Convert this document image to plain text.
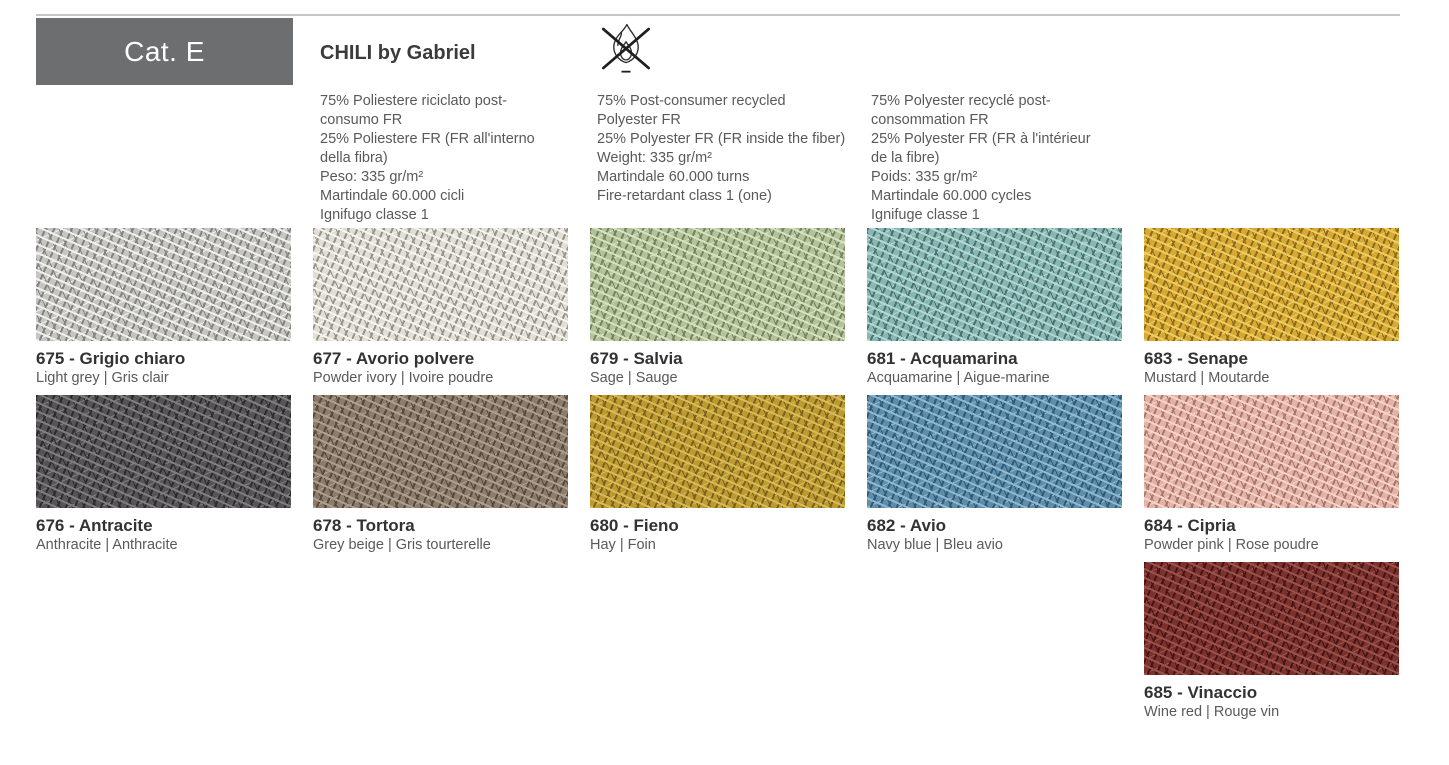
Cat. E	CHILI by Gabriel
75% Poliestere riciclato post-
consumo FR
25% Poliestere FR (FR all'interno
della fibra)
Peso: 335 gr/m²
Martindale 60.000 cicli
Ignifugo classe 1
75% Post-consumer recycled
Polyester FR
25% Polyester FR (FR inside the fiber)
Weight: 335 gr/m²
Martindale 60.000 turns
Fire-retardant class 1 (one)
75% Polyester recyclé post-
consommation FR
25% Polyester FR (FR à l'intérieur
de la fibre)
Poids: 335 gr/m²
Martindale 60.000 cycles
Ignifuge classe 1
675 - Grigio chiaro
Light grey | Gris clair
677 - Avorio polvere
Powder ivory | Ivoire poudre
679 - Salvia
Sage | Sauge
681 - Acquamarina
Acquamarine | Aigue-marine
683 - Senape
Mustard | Moutarde
676 - Antracite
Anthracite | Anthracite
678 - Tortora
Grey beige | Gris tourterelle
680 - Fieno
Hay | Foin
682 - Avio
Navy blue | Bleu avio
684 - Cipria
Powder pink | Rose poudre
685 - Vinaccio
Wine red | Rouge vin
